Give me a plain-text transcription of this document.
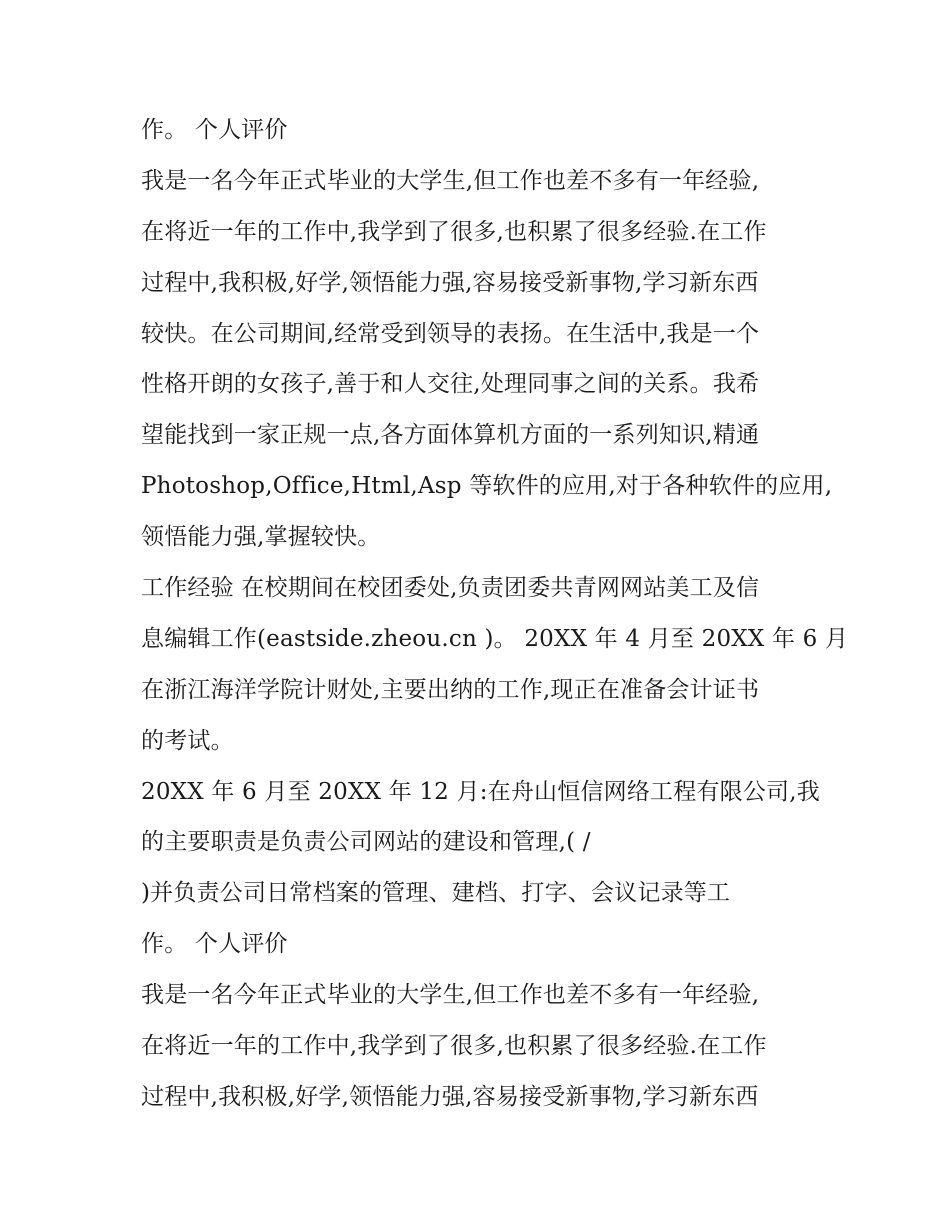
作。 个人评价
我是一名今年正式毕业的大学生,但工作也差不多有一年经验,
在将近一年的工作中,我学到了很多,也积累了很多经验.在工作
过程中,我积极,好学,领悟能力强,容易接受新事物,学习新东西
较快。在公司期间,经常受到领导的表扬。在生活中,我是一个
性格开朗的女孩子,善于和人交往,处理同事之间的关系。我希
望能找到一家正规一点,各方面体算机方面的一系列知识,精通
Photoshop,Office,Html,Asp 等软件的应用,对于各种软件的应用,
领悟能力强,掌握较快。
工作经验 在校期间在校团委处,负责团委共青网网站美工及信
息编辑工作(eastside.zheou.cn )。 20XX 年 4 月至 20XX 年 6 月
在浙江海洋学院计财处,主要出纳的工作,现正在准备会计证书
的考试。
20XX 年 6 月至 20XX 年 12 月:在舟山恒信网络工程有限公司,我
的主要职责是负责公司网站的建设和管理,( /
)并负责公司日常档案的管理、建档、打字、会议记录等工
作。 个人评价
我是一名今年正式毕业的大学生,但工作也差不多有一年经验,
在将近一年的工作中,我学到了很多,也积累了很多经验.在工作
过程中,我积极,好学,领悟能力强,容易接受新事物,学习新东西
